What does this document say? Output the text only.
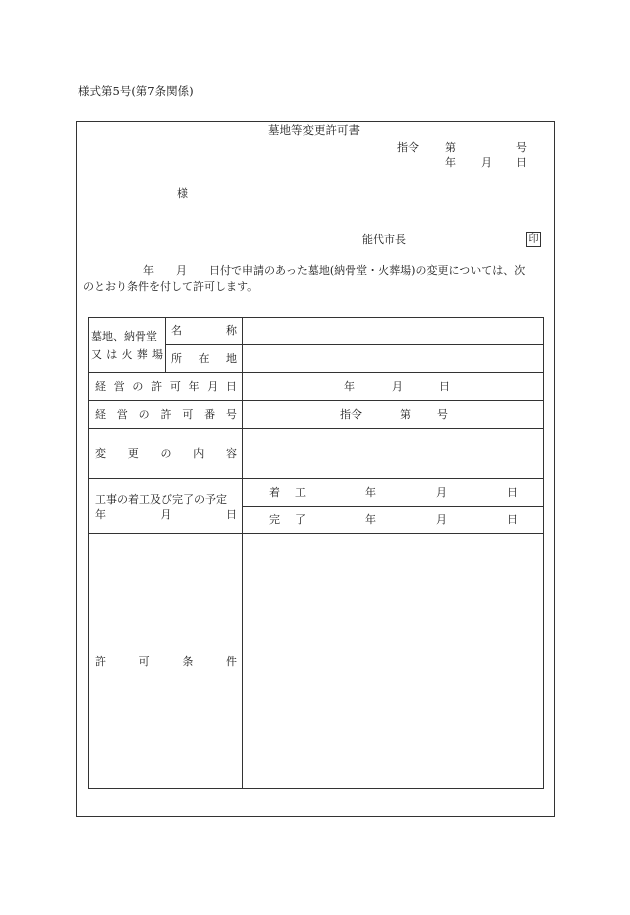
様式第5号(第7条関係)
墓地等変更許可書
指令 第	号
年 月 日
様
能代市長	印
年 月 日付で申請のあった墓地(納骨堂・火葬場)の変更については、次
のとおり条件を付して許可します。
墓地、納骨堂
又 は 火 葬 場
名	称
所 在 地
経 営 の 許 可 年 月 日	年	月	日
経 営 の 許 可 番 号	指令	第 号
変 更 の 内 容
工事の着工及び完了の予定
年	月	日
着 工	年	月	日
完 了	年	月	日
許	可	条	件
